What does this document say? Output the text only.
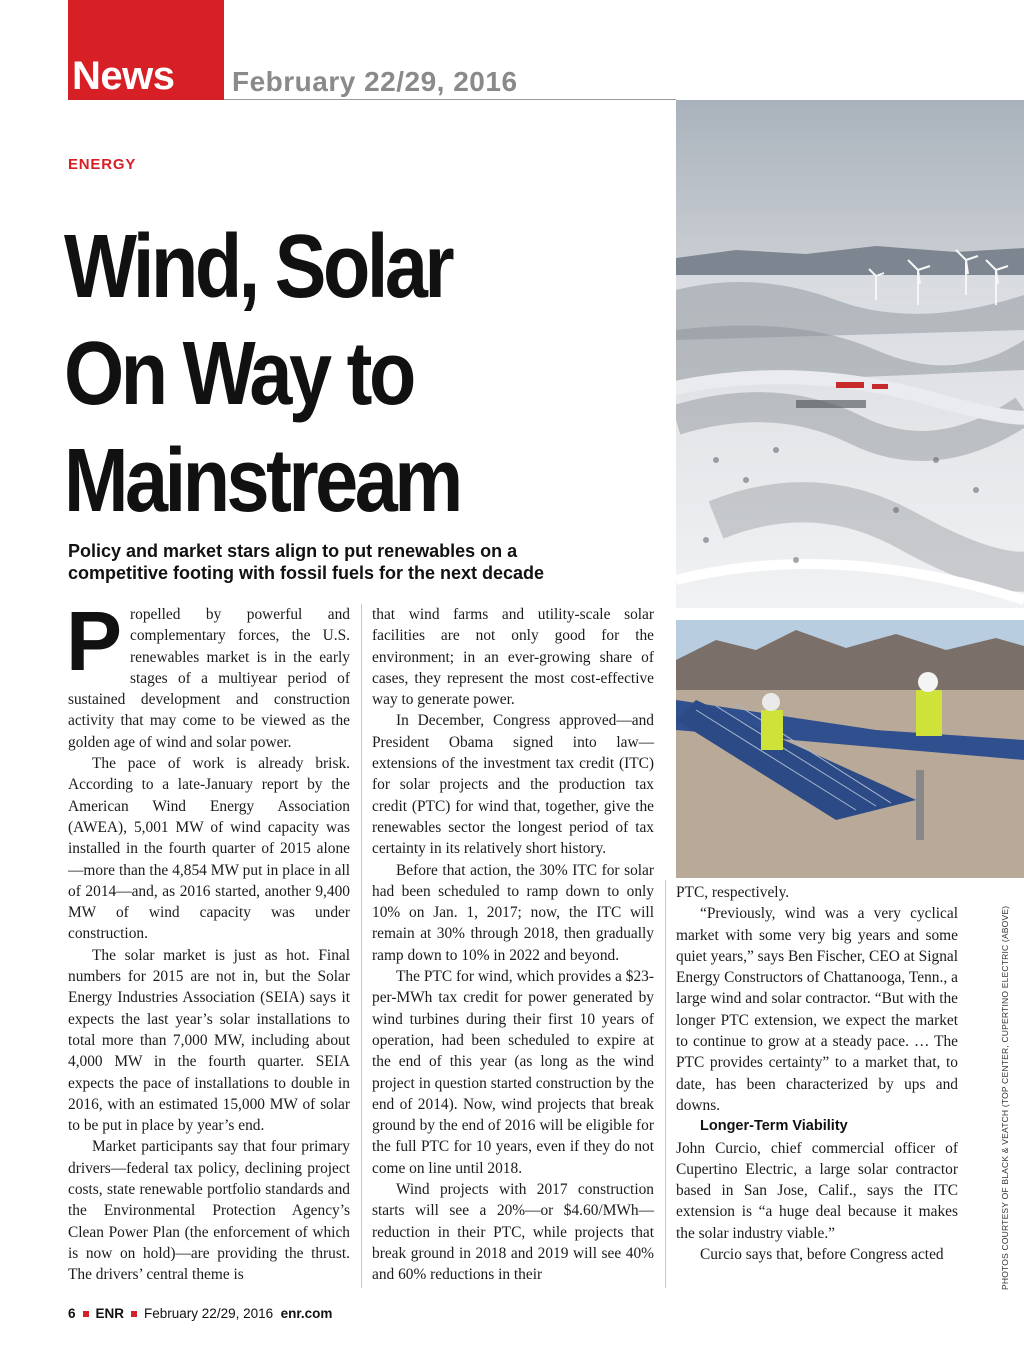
News February 22/29, 2016
ENERGY
Wind, Solar
On Way to
Mainstream
Policy and market stars align to put renewables on a
competitive footing with fossil fuels for the next decade

Propelled by powerful and complementary forces, the U.S. renewables market is in the early stages of a multiyear period of sustained development and construction activity that may come to be viewed as the golden age of wind and solar power.

The pace of work is already brisk. According to a late-January report by the American Wind Energy Association (AWEA), 5,001 MW of wind capacity was installed in the fourth quarter of 2015 alone—more than the 4,854 MW put in place in all of 2014—and, as 2016 started, another 9,400 MW of wind capacity was under construction.

The solar market is just as hot. Final numbers for 2015 are not in, but the Solar Energy Industries Association (SEIA) says it expects the last year’s solar installations to total more than 7,000 MW, including about 4,000 MW in the fourth quarter. SEIA expects the pace of installations to double in 2016, with an estimated 15,000 MW of solar to be put in place by year’s end.

Market participants say that four primary drivers—federal tax policy, declining project costs, state renewable portfolio standards and the Environmental Protection Agency’s Clean Power Plan (the enforcement of which is now on hold)—are providing the thrust. The drivers’ central theme is

that wind farms and utility-scale solar facilities are not only good for the environment; in an ever-growing share of cases, they represent the most cost-effective way to generate power.

In December, Congress approved—and President Obama signed into law—extensions of the investment tax credit (ITC) for solar projects and the production tax credit (PTC) for wind that, together, give the renewables sector the longest period of tax certainty in its relatively short history.

Before that action, the 30% ITC for solar had been scheduled to ramp down to only 10% on Jan. 1, 2017; now, the ITC will remain at 30% through 2018, then gradually ramp down to 10% in 2022 and beyond.

The PTC for wind, which provides a $23-per-MWh tax credit for power generated by wind turbines during their first 10 years of operation, had been scheduled to expire at the end of this year (as long as the wind project in question started construction by the end of 2014). Now, wind projects that break ground by the end of 2016 will be eligible for the full PTC for 10 years, even if they do not come on line until 2018.

Wind projects with 2017 construction starts will see a 20%—or $4.60/MWh—reduction in their PTC, while projects that break ground in 2018 and 2019 will see 40% and 60% reductions in their

PTC, respectively.

“Previously, wind was a very cyclical market with some very big years and some quiet years,” says Ben Fischer, CEO at Signal Energy Constructors of Chattanooga, Tenn., a large wind and solar contractor. “But with the longer PTC extension, we expect the market to continue to grow at a steady pace. … The PTC provides certainty” to a market that, to date, has been characterized by ups and downs.

Longer-Term Viability

John Curcio, chief commercial officer of Cupertino Electric, a large solar contractor based in San Jose, Calif., says the ITC extension is “a huge deal because it makes the solar industry viable.”

Curcio says that, before Congress acted	PHOTOS COURTESY OF BLACK & VEATCH (TOP CENTER, CUPERTINO ELECTRIC (ABOVE)
6 ENR February 22/29, 2016 enr.com
